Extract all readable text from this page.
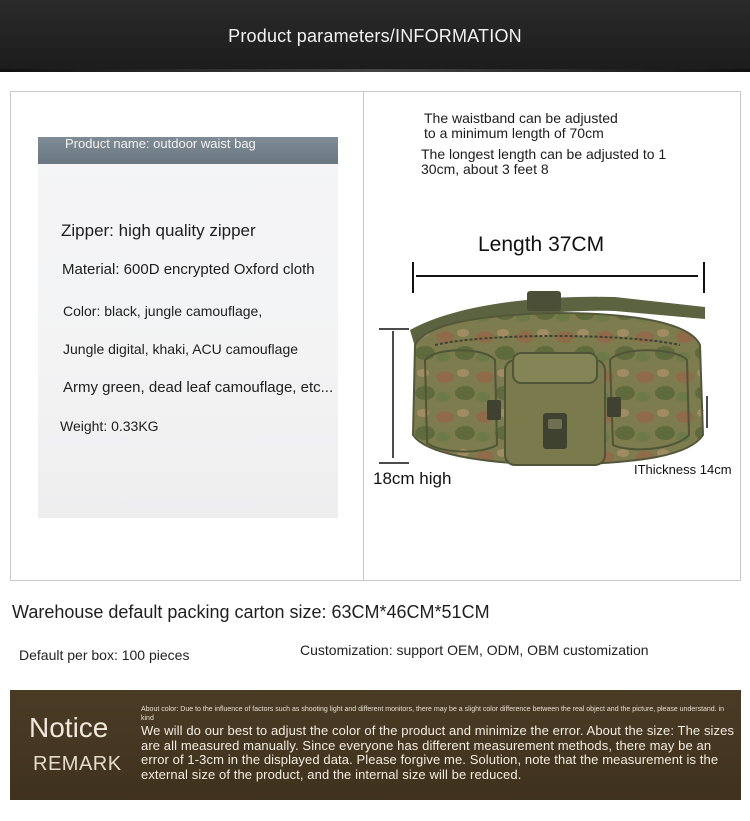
Product parameters/INFORMATION
Product name: outdoor waist bag
Zipper: high quality zipper
Material: 600D encrypted Oxford cloth
Color: black, jungle camouflage,
Jungle digital, khaki, ACU camouflage
Army green, dead leaf camouflage, etc...
Weight: 0.33KG
The waistband can be adjusted
to a minimum length of 70cm
The longest length can be adjusted to 1
30cm, about 3 feet 8
Length 37CM
18cm high	IThickness 14cm
Warehouse default packing carton size: 63CM*46CM*51CM
Default per box: 100 pieces	Customization: support OEM, ODM, OBM customization
Notice
REMARK
About color: Due to the influence of factors such as shooting light and different monitors, there may be a slight color difference between the real object and the picture, please understand. in kind
We will do our best to adjust the color of the product and minimize the error. About the size: The sizes are all measured manually. Since everyone has different measurement methods, there may be an error of 1-3cm in the displayed data. Please forgive me. Solution, note that the measurement is the external size of the product, and the internal size will be reduced.
